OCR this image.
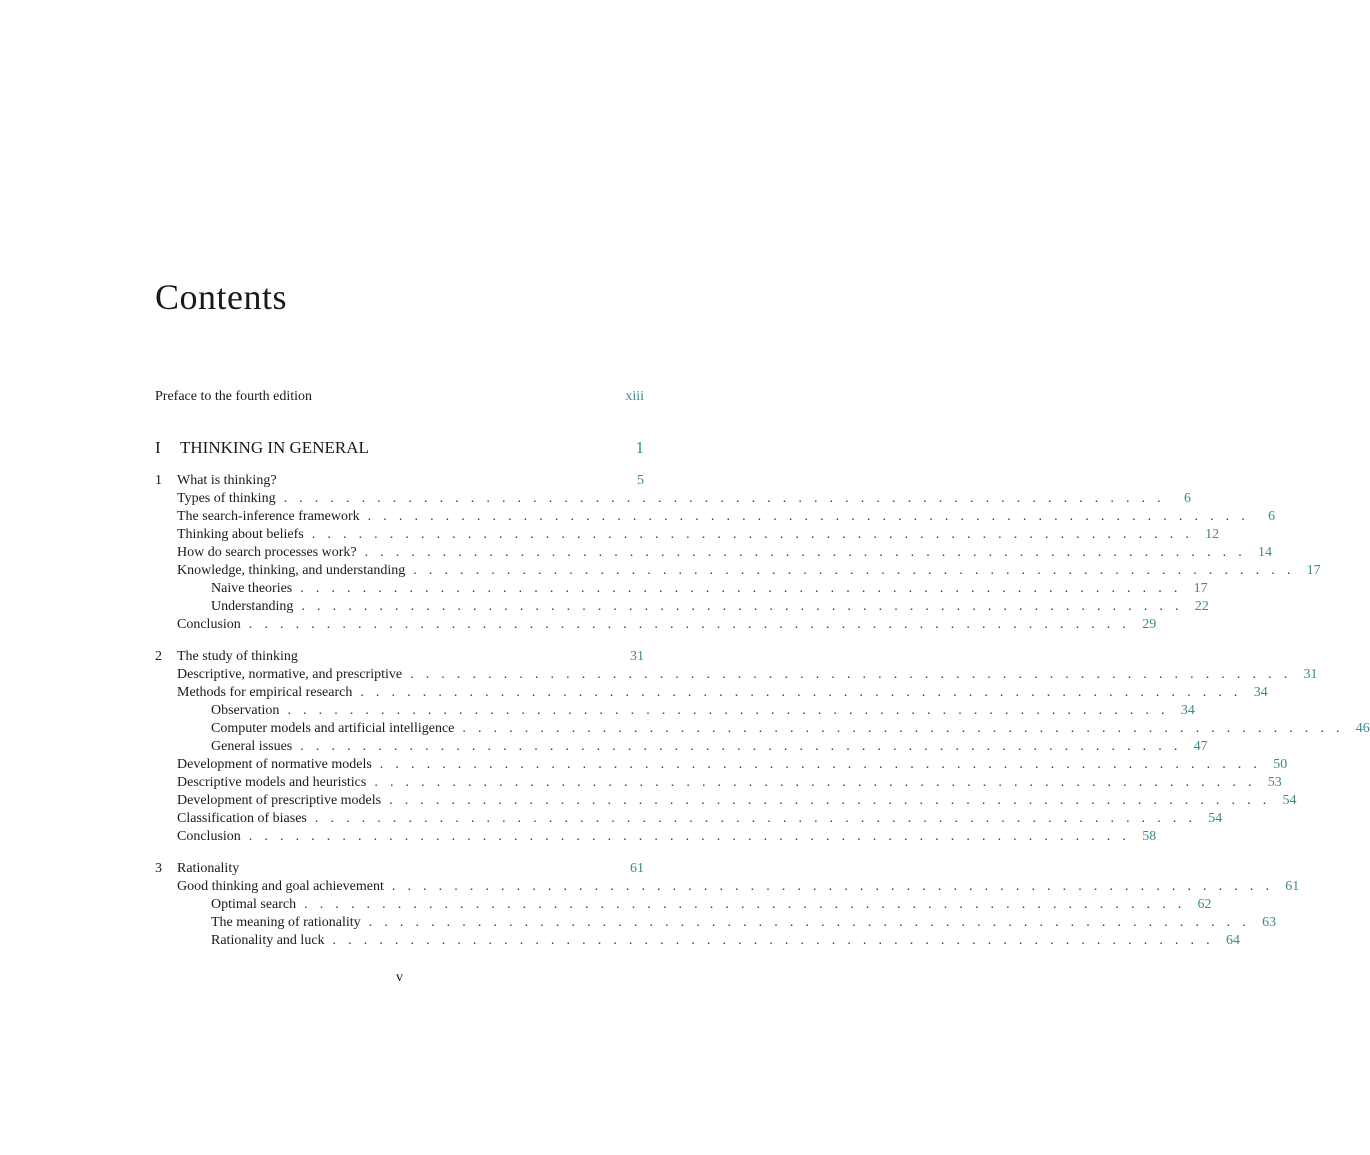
Contents
Preface to the fourth edition	xiii
I	THINKING IN GENERAL	1
1	What is thinking?	5
Types of thinking . . . . . . . . . . . . . . . . . . . . . . . . . . . . . . . . . . . . . . . . . . . . . . . . . . . . . . . . .	6
The search-inference framework . . . . . . . . . . . . . . . . . . . . . . . . . . . . . . . . . . . . . . . . . . . . . . . . . . . . . . . . .	6
Thinking about beliefs . . . . . . . . . . . . . . . . . . . . . . . . . . . . . . . . . . . . . . . . . . . . . . . . . . . . . . . . . 12
How do search processes work? . . . . . . . . . . . . . . . . . . . . . . . . . . . . . . . . . . . . . . . . . . . . . . . . . . . . . . . . . 14
Knowledge, thinking, and understanding . . . . . . . . . . . . . . . . . . . . . . . . . . . . . . . . . . . . . . . . . . . . . . . . . . . . . . . . . 17
Naive theories . . . . . . . . . . . . . . . . . . . . . . . . . . . . . . . . . . . . . . . . . . . . . . . . . . . . . . . . . 17
Understanding . . . . . . . . . . . . . . . . . . . . . . . . . . . . . . . . . . . . . . . . . . . . . . . . . . . . . . . . . 22
Conclusion . . . . . . . . . . . . . . . . . . . . . . . . . . . . . . . . . . . . . . . . . . . . . . . . . . . . . . . . . 29
2	The study of thinking	31
Descriptive, normative, and prescriptive . . . . . . . . . . . . . . . . . . . . . . . . . . . . . . . . . . . . . . . . . . . . . . . . . . . . . . . . . 31
Methods for empirical research . . . . . . . . . . . . . . . . . . . . . . . . . . . . . . . . . . . . . . . . . . . . . . . . . . . . . . . . . 34
Observation . . . . . . . . . . . . . . . . . . . . . . . . . . . . . . . . . . . . . . . . . . . . . . . . . . . . . . . . . 34
Computer models and artificial intelligence . . . . . . . . . . . . . . . . . . . . . . . . . . . . . . . . . . . . . . . . . . . . . . . . . . . . . . . . . 46
General issues . . . . . . . . . . . . . . . . . . . . . . . . . . . . . . . . . . . . . . . . . . . . . . . . . . . . . . . . . 47
Development of normative models . . . . . . . . . . . . . . . . . . . . . . . . . . . . . . . . . . . . . . . . . . . . . . . . . . . . . . . . . 50
Descriptive models and heuristics . . . . . . . . . . . . . . . . . . . . . . . . . . . . . . . . . . . . . . . . . . . . . . . . . . . . . . . . . 53
Development of prescriptive models . . . . . . . . . . . . . . . . . . . . . . . . . . . . . . . . . . . . . . . . . . . . . . . . . . . . . . . . . 54
Classification of biases . . . . . . . . . . . . . . . . . . . . . . . . . . . . . . . . . . . . . . . . . . . . . . . . . . . . . . . . . 54
Conclusion . . . . . . . . . . . . . . . . . . . . . . . . . . . . . . . . . . . . . . . . . . . . . . . . . . . . . . . . . 58
3	Rationality	61
Good thinking and goal achievement . . . . . . . . . . . . . . . . . . . . . . . . . . . . . . . . . . . . . . . . . . . . . . . . . . . . . . . . . 61
Optimal search . . . . . . . . . . . . . . . . . . . . . . . . . . . . . . . . . . . . . . . . . . . . . . . . . . . . . . . . . 62
The meaning of rationality . . . . . . . . . . . . . . . . . . . . . . . . . . . . . . . . . . . . . . . . . . . . . . . . . . . . . . . . . 63
Rationality and luck . . . . . . . . . . . . . . . . . . . . . . . . . . . . . . . . . . . . . . . . . . . . . . . . . . . . . . . . . 64
v
